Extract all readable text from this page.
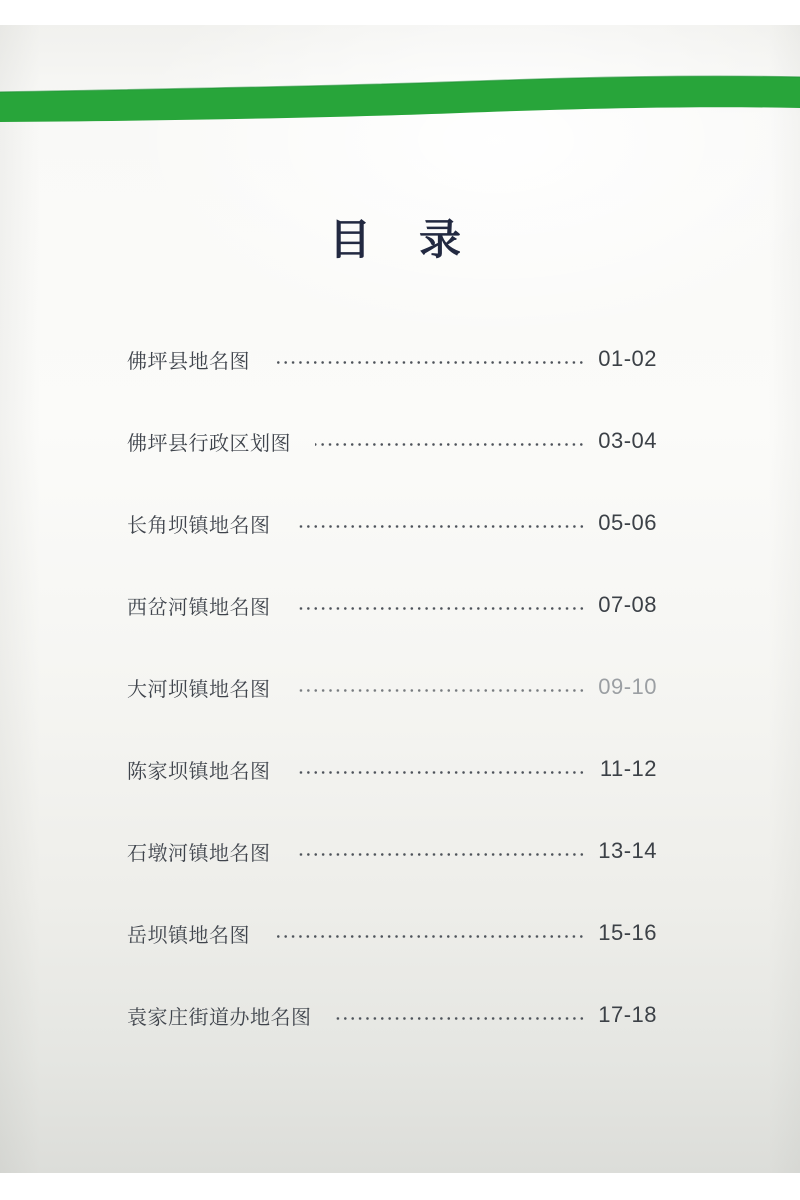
目 录
佛坪县地名图	01-02
佛坪县行政区划图	03-04
长角坝镇地名图	05-06
西岔河镇地名图	07-08
大河坝镇地名图	09-10
陈家坝镇地名图	11-12
石墩河镇地名图	13-14
岳坝镇地名图	15-16
袁家庄街道办地名图	17-18
